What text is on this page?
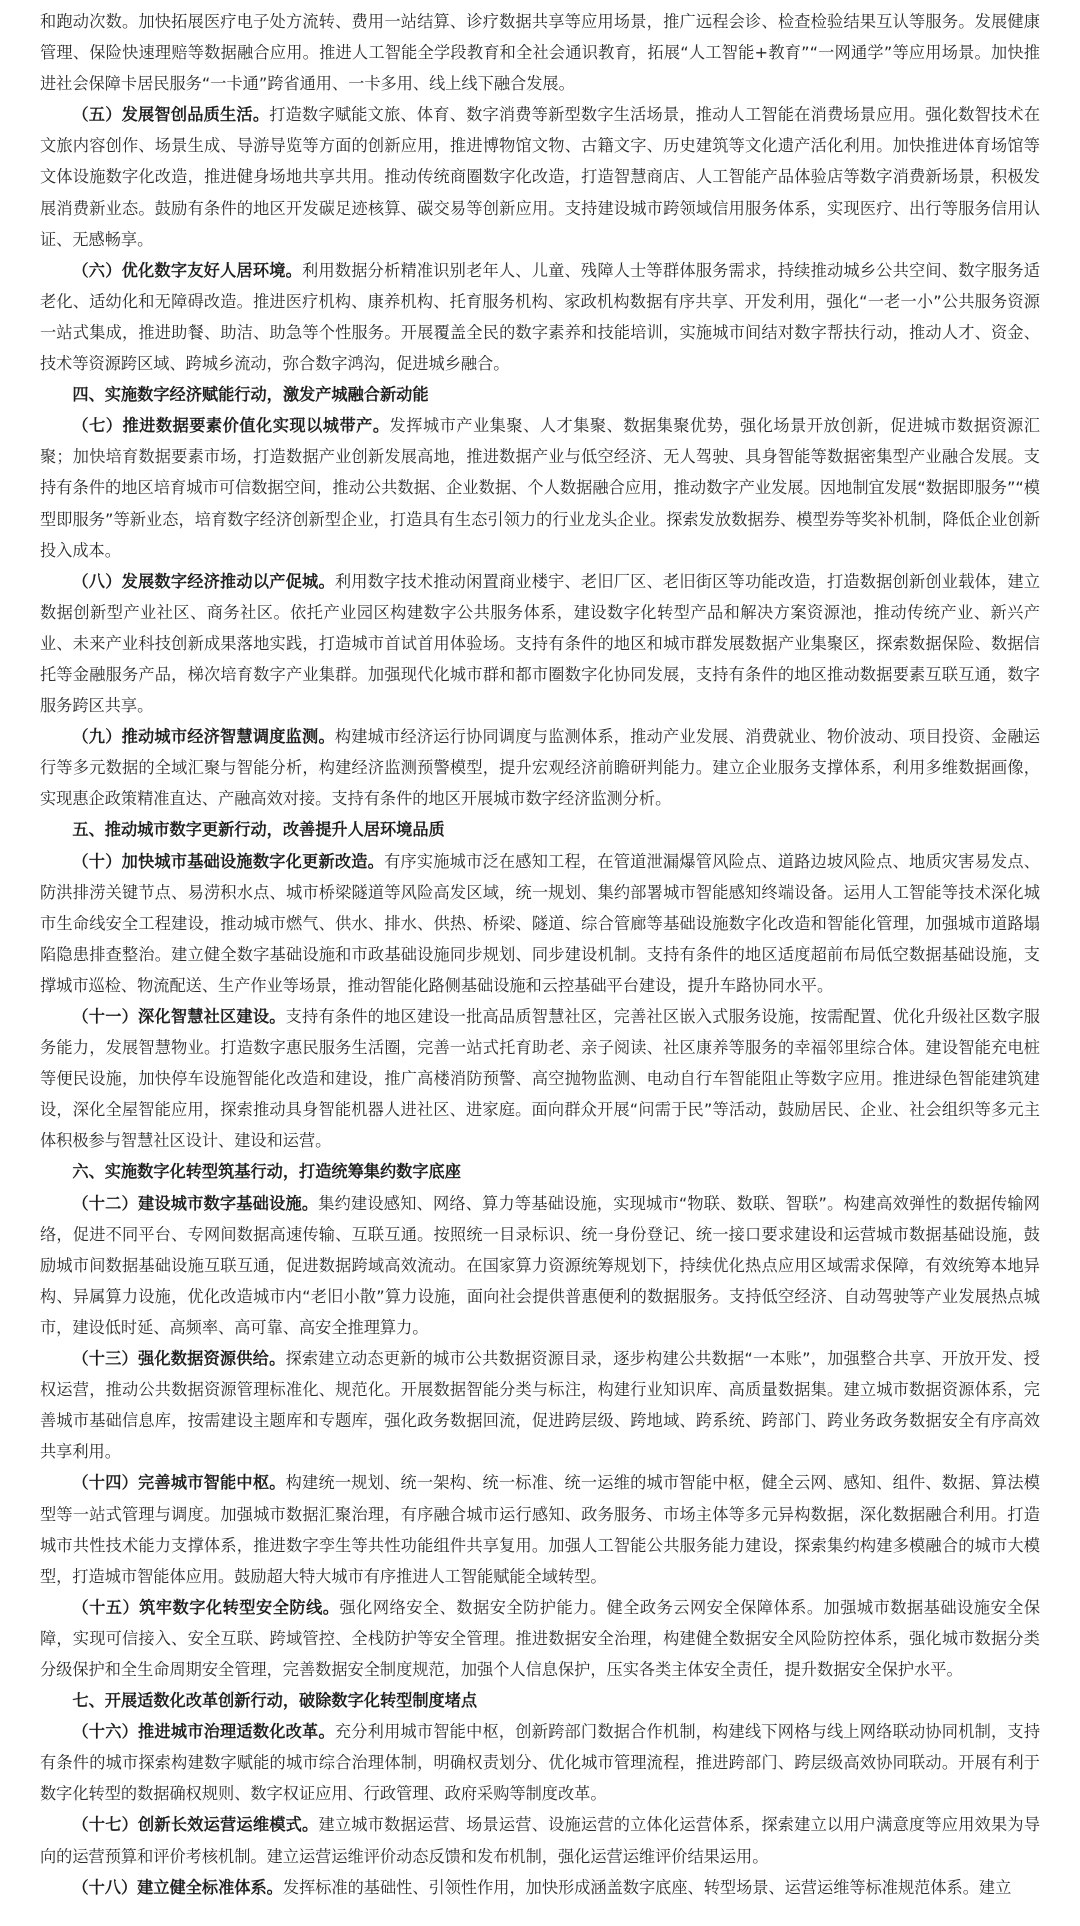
和跑动次数。加快拓展医疗电子处方流转、费用一站结算、诊疗数据共享等应用场景，推广远程会诊、检查检验结果互认等服务。发展健康管理、保险快速理赔等数据融合应用。推进人工智能全学段教育和全社会通识教育，拓展“人工智能+教育”“一网通学”等应用场景。加快推进社会保障卡居民服务“一卡通”跨省通用、一卡多用、线上线下融合发展。

（五）发展智创品质生活。打造数字赋能文旅、体育、数字消费等新型数字生活场景，推动人工智能在消费场景应用。强化数智技术在文旅内容创作、场景生成、导游导览等方面的创新应用，推进博物馆文物、古籍文字、历史建筑等文化遗产活化利用。加快推进体育场馆等文体设施数字化改造，推进健身场地共享共用。推动传统商圈数字化改造，打造智慧商店、人工智能产品体验店等数字消费新场景，积极发展消费新业态。鼓励有条件的地区开发碳足迹核算、碳交易等创新应用。支持建设城市跨领域信用服务体系，实现医疗、出行等服务信用认证、无感畅享。

（六）优化数字友好人居环境。利用数据分析精准识别老年人、儿童、残障人士等群体服务需求，持续推动城乡公共空间、数字服务适老化、适幼化和无障碍改造。推进医疗机构、康养机构、托育服务机构、家政机构数据有序共享、开发利用，强化“一老一小”公共服务资源一站式集成，推进助餐、助洁、助急等个性服务。开展覆盖全民的数字素养和技能培训，实施城市间结对数字帮扶行动，推动人才、资金、技术等资源跨区域、跨城乡流动，弥合数字鸿沟，促进城乡融合。

四、实施数字经济赋能行动，激发产城融合新动能

（七）推进数据要素价值化实现以城带产。发挥城市产业集聚、人才集聚、数据集聚优势，强化场景开放创新，促进城市数据资源汇聚；加快培育数据要素市场，打造数据产业创新发展高地，推进数据产业与低空经济、无人驾驶、具身智能等数据密集型产业融合发展。支持有条件的地区培育城市可信数据空间，推动公共数据、企业数据、个人数据融合应用，推动数字产业发展。因地制宜发展“数据即服务”“模型即服务”等新业态，培育数字经济创新型企业，打造具有生态引领力的行业龙头企业。探索发放数据券、模型券等奖补机制，降低企业创新投入成本。

（八）发展数字经济推动以产促城。利用数字技术推动闲置商业楼宇、老旧厂区、老旧街区等功能改造，打造数据创新创业载体，建立数据创新型产业社区、商务社区。依托产业园区构建数字公共服务体系，建设数字化转型产品和解决方案资源池，推动传统产业、新兴产业、未来产业科技创新成果落地实践，打造城市首试首用体验场。支持有条件的地区和城市群发展数据产业集聚区，探索数据保险、数据信托等金融服务产品，梯次培育数字产业集群。加强现代化城市群和都市圈数字化协同发展，支持有条件的地区推动数据要素互联互通，数字服务跨区共享。

（九）推动城市经济智慧调度监测。构建城市经济运行协同调度与监测体系，推动产业发展、消费就业、物价波动、项目投资、金融运行等多元数据的全域汇聚与智能分析，构建经济监测预警模型，提升宏观经济前瞻研判能力。建立企业服务支撑体系，利用多维数据画像，实现惠企政策精准直达、产融高效对接。支持有条件的地区开展城市数字经济监测分析。

五、推动城市数字更新行动，改善提升人居环境品质

（十）加快城市基础设施数字化更新改造。有序实施城市泛在感知工程，在管道泄漏爆管风险点、道路边坡风险点、地质灾害易发点、防洪排涝关键节点、易涝积水点、城市桥梁隧道等风险高发区域，统一规划、集约部署城市智能感知终端设备。运用人工智能等技术深化城市生命线安全工程建设，推动城市燃气、供水、排水、供热、桥梁、隧道、综合管廊等基础设施数字化改造和智能化管理，加强城市道路塌陷隐患排查整治。建立健全数字基础设施和市政基础设施同步规划、同步建设机制。支持有条件的地区适度超前布局低空数据基础设施，支撑城市巡检、物流配送、生产作业等场景，推动智能化路侧基础设施和云控基础平台建设，提升车路协同水平。

（十一）深化智慧社区建设。支持有条件的地区建设一批高品质智慧社区，完善社区嵌入式服务设施，按需配置、优化升级社区数字服务能力，发展智慧物业。打造数字惠民服务生活圈，完善一站式托育助老、亲子阅读、社区康养等服务的幸福邻里综合体。建设智能充电桩等便民设施，加快停车设施智能化改造和建设，推广高楼消防预警、高空抛物监测、电动自行车智能阻止等数字应用。推进绿色智能建筑建设，深化全屋智能应用，探索推动具身智能机器人进社区、进家庭。面向群众开展“问需于民”等活动，鼓励居民、企业、社会组织等多元主体积极参与智慧社区设计、建设和运营。

六、实施数字化转型筑基行动，打造统筹集约数字底座

（十二）建设城市数字基础设施。集约建设感知、网络、算力等基础设施，实现城市“物联、数联、智联”。构建高效弹性的数据传输网络，促进不同平台、专网间数据高速传输、互联互通。按照统一目录标识、统一身份登记、统一接口要求建设和运营城市数据基础设施，鼓励城市间数据基础设施互联互通，促进数据跨域高效流动。在国家算力资源统筹规划下，持续优化热点应用区域需求保障，有效统筹本地异构、异属算力设施，优化改造城市内“老旧小散”算力设施，面向社会提供普惠便利的数据服务。支持低空经济、自动驾驶等产业发展热点城市，建设低时延、高频率、高可靠、高安全推理算力。

（十三）强化数据资源供给。探索建立动态更新的城市公共数据资源目录，逐步构建公共数据“一本账”，加强整合共享、开放开发、授权运营，推动公共数据资源管理标准化、规范化。开展数据智能分类与标注，构建行业知识库、高质量数据集。建立城市数据资源体系，完善城市基础信息库，按需建设主题库和专题库，强化政务数据回流，促进跨层级、跨地域、跨系统、跨部门、跨业务政务数据安全有序高效共享利用。

（十四）完善城市智能中枢。构建统一规划、统一架构、统一标准、统一运维的城市智能中枢，健全云网、感知、组件、数据、算法模型等一站式管理与调度。加强城市数据汇聚治理，有序融合城市运行感知、政务服务、市场主体等多元异构数据，深化数据融合利用。打造城市共性技术能力支撑体系，推进数字孪生等共性功能组件共享复用。加强人工智能公共服务能力建设，探索集约构建多模融合的城市大模型，打造城市智能体应用。鼓励超大特大城市有序推进人工智能赋能全域转型。

（十五）筑牢数字化转型安全防线。强化网络安全、数据安全防护能力。健全政务云网安全保障体系。加强城市数据基础设施安全保障，实现可信接入、安全互联、跨域管控、全栈防护等安全管理。推进数据安全治理，构建健全数据安全风险防控体系，强化城市数据分类分级保护和全生命周期安全管理，完善数据安全制度规范，加强个人信息保护，压实各类主体安全责任，提升数据安全保护水平。

七、开展适数化改革创新行动，破除数字化转型制度堵点

（十六）推进城市治理适数化改革。充分利用城市智能中枢，创新跨部门数据合作机制，构建线下网格与线上网络联动协同机制，支持有条件的城市探索构建数字赋能的城市综合治理体制，明确权责划分、优化城市管理流程，推进跨部门、跨层级高效协同联动。开展有利于数字化转型的数据确权规则、数字权证应用、行政管理、政府采购等制度改革。

（十七）创新长效运营运维模式。建立城市数据运营、场景运营、设施运营的立体化运营体系，探索建立以用户满意度等应用效果为导向的运营预算和评价考核机制。建立运营运维评价动态反馈和发布机制，强化运营运维评价结果运用。

（十八）建立健全标准体系。发挥标准的基础性、引领性作用，加快形成涵盖数字底座、转型场景、运营运维等标准规范体系。建立
